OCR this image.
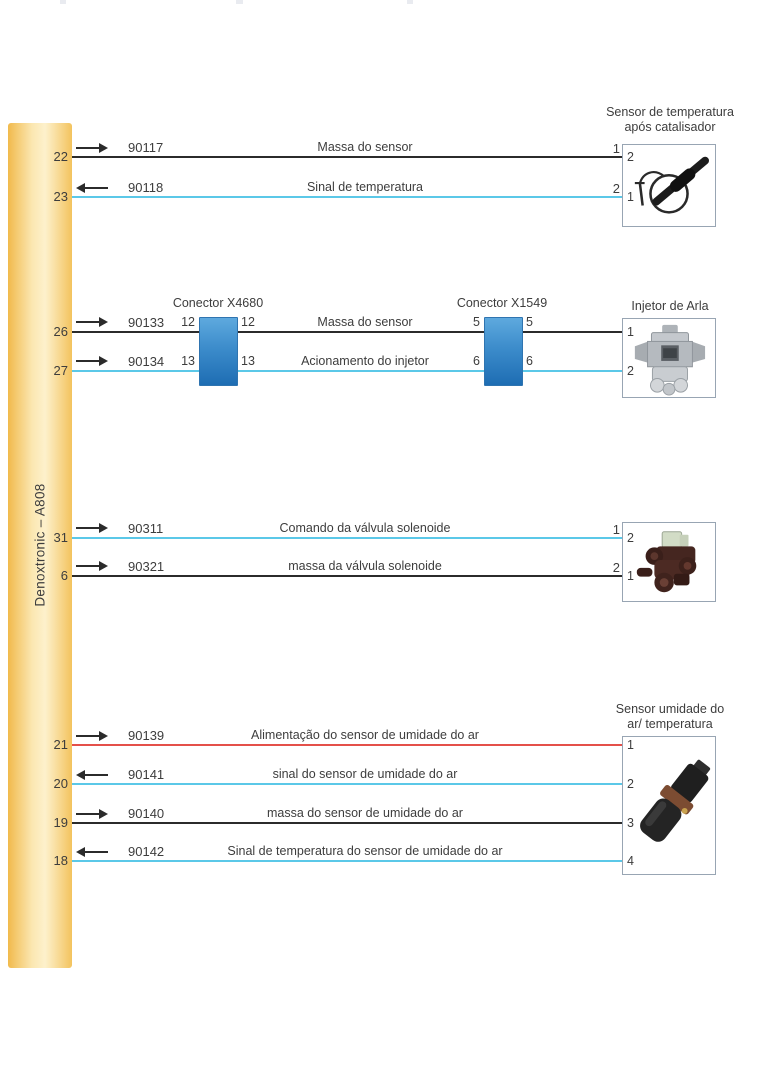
Denoxtronic – A808
22
90117	Massa do sensor	1
2
23
90118	Sinal de temperatura	2
1
Sensor de temperatura
após catalisador
26
90133	Massa do sensor
1
27
90134	Acionamento do injetor
2
Conector X4680
12	12
13	13
Conector X1549
5	5
6	6
Injetor de Arla
31
90311	Comando da válvula solenoide	1
2
6
90321	massa da válvula solenoide	2
1
21
90139	Alimentação do sensor de umidade do ar
1
20
90141	sinal do sensor de umidade do ar
2
19
90140	massa do sensor de umidade do ar
3
18
90142	Sinal de temperatura do sensor de umidade do ar
4
Sensor umidade do
ar/ temperatura
